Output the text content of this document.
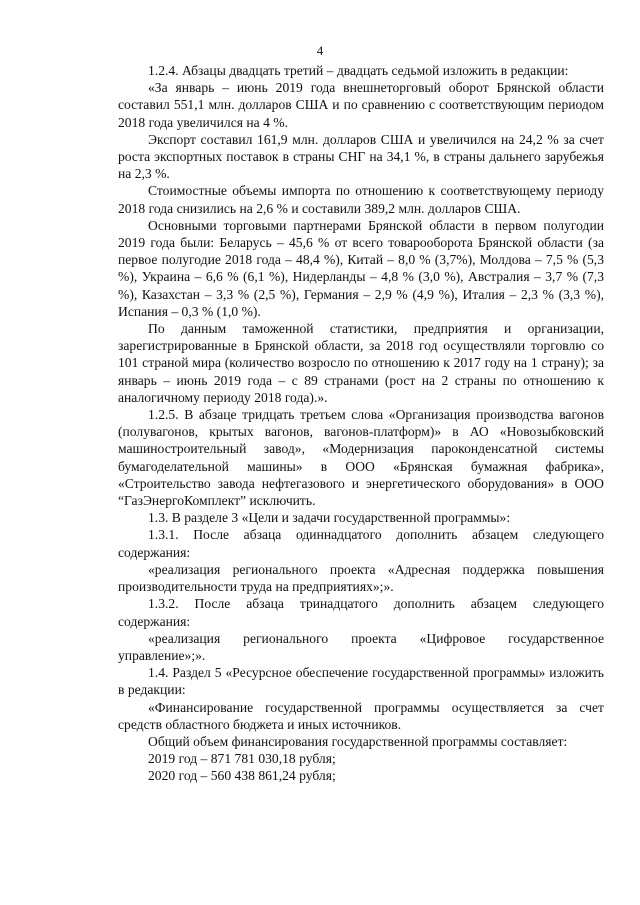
4

1.2.4. Абзацы двадцать третий – двадцать седьмой изложить в редакции:

«За январь – июнь 2019 года внешнеторговый оборот Брянской области составил 551,1 млн. долларов США и по сравнению с соответствующим периодом 2018 года увеличился на 4 %.

Экспорт составил 161,9 млн. долларов США и увеличился на 24,2 % за счет роста экспортных поставок в страны СНГ на 34,1 %, в страны дальнего зарубежья на 2,3 %.

Стоимостные объемы импорта по отношению к соответствующему периоду 2018 года снизились на 2,6 % и составили 389,2 млн. долларов США.

Основными торговыми партнерами Брянской области в первом полугодии 2019 года были: Беларусь – 45,6 % от всего товарооборота Брянской области (за первое полугодие 2018 года – 48,4 %), Китай – 8,0 % (3,7%), Молдова – 7,5 % (5,3 %), Украина – 6,6 % (6,1 %), Нидерланды – 4,8 % (3,0 %), Австралия – 3,7 % (7,3 %), Казахстан – 3,3 % (2,5 %), Германия – 2,9 % (4,9 %), Италия – 2,3 % (3,3 %), Испания – 0,3 % (1,0 %).

По данным таможенной статистики, предприятия и организации, зарегистрированные в Брянской области, за 2018 год осуществляли торговлю со 101 страной мира (количество возросло по отношению к 2017 году на 1 страну); за январь – июнь 2019 года – с 89 странами (рост на 2 страны по отношению к аналогичному периоду 2018 года).».

1.2.5. В абзаце тридцать третьем слова «Организация производства вагонов (полувагонов, крытых вагонов, вагонов-платформ)» в АО «Новозыбковский машиностроительный завод», «Модернизация пароконденсатной системы бумагоделательной машины» в ООО «Брянская бумажная фабрика», «Строительство завода нефтегазового и энергетического оборудования» в ООО “ГазЭнергоКомплект” исключить.

1.3. В разделе 3 «Цели и задачи государственной программы»:

1.3.1. После абзаца одиннадцатого дополнить абзацем следующего содержания:

«реализация регионального проекта «Адресная поддержка повышения производительности труда на предприятиях»;».

1.3.2. После абзаца тринадцатого дополнить абзацем следующего содержания:

«реализация регионального проекта «Цифровое государственное управление»;».

1.4. Раздел 5 «Ресурсное обеспечение государственной программы» изложить в редакции:

«Финансирование государственной программы осуществляется за счет средств областного бюджета и иных источников.

Общий объем финансирования государственной программы составляет:

2019 год – 871 781 030,18 рубля;

2020 год – 560 438 861,24 рубля;
